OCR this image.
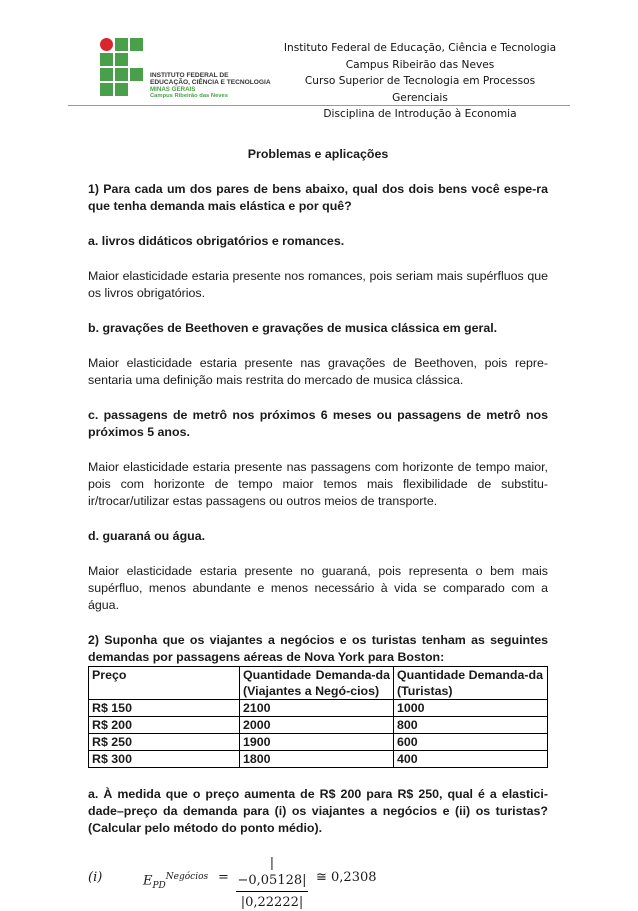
INSTITUTO FEDERAL DE
EDUCAÇÃO, CIÊNCIA E TECNOLOGIA
MINAS GERAIS
Campus Ribeirão das Neves
Instituto Federal de Educação, Ciência e Tecnologia
Campus Ribeirão das Neves
Curso Superior de Tecnologia em Processos Gerenciais
Disciplina de Introdução à Economia

Problemas e aplicações

1) Para cada um dos pares de bens abaixo, qual dos dois bens você espe-ra que tenha demanda mais elástica e por quê?

a. livros didáticos obrigatórios e romances.

Maior elasticidade estaria presente nos romances, pois seriam mais supérfluos que os livros obrigatórios.

b. gravações de Beethoven e gravações de musica clássica em geral.

Maior elasticidade estaria presente nas gravações de Beethoven, pois repre-sentaria uma definição mais restrita do mercado de musica clássica.

c. passagens de metrô nos próximos 6 meses ou passagens de metrô nos próximos 5 anos.

Maior elasticidade estaria presente nas passagens com horizonte de tempo maior, pois com horizonte de tempo maior temos mais flexibilidade de substitu-ir/trocar/utilizar estas passagens ou outros meios de transporte.

d. guaraná ou água.

Maior elasticidade estaria presente no guaraná, pois representa o bem mais supérfluo, menos abundante e menos necessário à vida se comparado com a água.

2) Suponha que os viajantes a negócios e os turistas tenham as seguintes demandas por passagens aéreas de Nova York para Boston:

Preço	Quantidade Demanda-da (Viajantes a Negó-cios)	Quantidade Demanda-da (Turistas)
R$ 150	2100	1000
R$ 200	2000	800
R$ 250	1900	600
R$ 300	1800	400

a. À medida que o preço aumenta de R$ 200 para R$ 250, qual é a elastici-dade–preço da demanda para (i) os viajantes a negócios e (ii) os turistas? (Calcular pelo método do ponto médio).

(i)	$E_{PD}^{Negócios} = \frac{|-0,05128|}{|0,22222|}$ ≅ 0,2308
